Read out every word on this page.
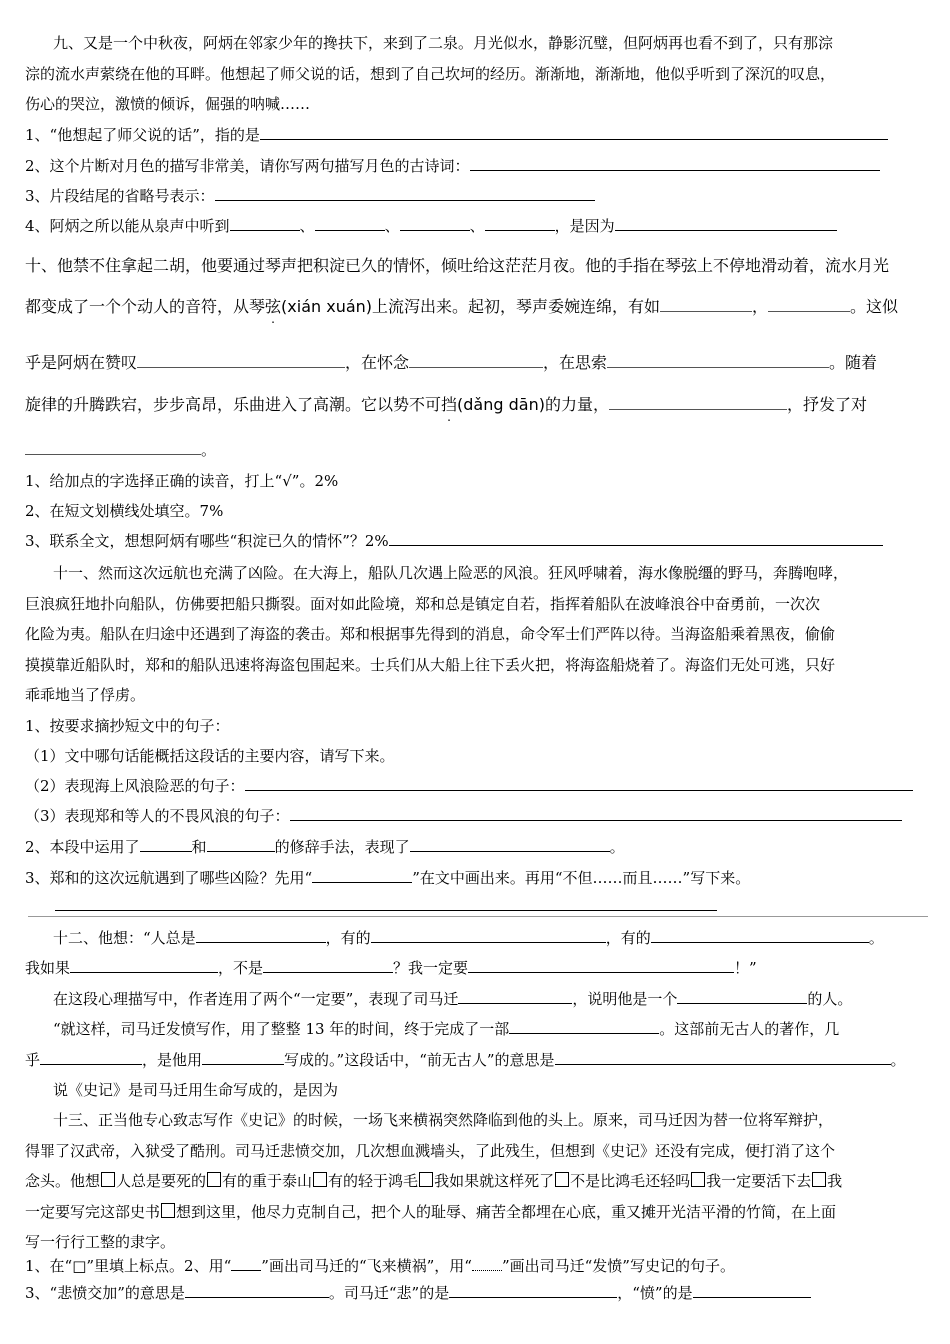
九、又是一个中秋夜，阿炳在邻家少年的搀扶下，来到了二泉。月光似水，静影沉璧，但阿炳再也看不到了，只有那淙
淙的流水声萦绕在他的耳畔。他想起了师父说的话，想到了自己坎坷的经历。渐渐地，渐渐地，他似乎听到了深沉的叹息，
伤心的哭泣，激愤的倾诉，倔强的呐喊……
1、“他想起了师父说的话”，指的是
2、这个片断对月色的描写非常美，请你写两句描写月色的古诗词：
3、片段结尾的省略号表示：
4、阿炳之所以能从泉声中听到	、	、	、	，是因为
十、他禁不住拿起二胡，他要通过琴声把积淀已久的情怀，倾吐给这茫茫月夜。他的手指在琴弦上不停地滑动着，流水月光
都变成了一个个动人的音符，从琴弦(xián xuán)上流泻出来。起初，琴声委婉连绵，有如	，	。这似
乎是阿炳在赞叹	，在怀念	，在思索	。随着
旋律的升腾跌宕，步步高昂，乐曲进入了高潮。它以势不可挡(dǎng dān)的力量，	，抒发了对
。
1、给加点的字选择正确的读音，打上“√”。2%
2、在短文划横线处填空。7%
3、联系全文，想想阿炳有哪些“积淀已久的情怀”？2%
十一、然而这次远航也充满了凶险。在大海上，船队几次遇上险恶的风浪。狂风呼啸着，海水像脱缰的野马，奔腾咆哮，
巨浪疯狂地扑向船队，仿佛要把船只撕裂。面对如此险境，郑和总是镇定自若，指挥着船队在波峰浪谷中奋勇前，一次次
化险为夷。船队在归途中还遇到了海盗的袭击。郑和根据事先得到的消息，命令军士们严阵以待。当海盗船乘着黑夜，偷偷
摸摸靠近船队时，郑和的船队迅速将海盗包围起来。士兵们从大船上往下丢火把，将海盗船烧着了。海盗们无处可逃，只好
乖乖地当了俘虏。
1、按要求摘抄短文中的句子：
（1）文中哪句话能概括这段话的主要内容，请写下来。
（2）表现海上风浪险恶的句子：
（3）表现郑和等人的不畏风浪的句子：
2、本段中运用了	和	的修辞手法，表现了	。
3、郑和的这次远航遇到了哪些凶险？先用“	”在文中画出来。再用“不但……而且……”写下来。
十二、他想：“人总是	，有的	，有的	。
我如果	，不是	？我一定要	！”
在这段心理描写中，作者连用了两个“一定要”，表现了司马迁	，说明他是一个	的人。
“就这样，司马迁发愤写作，用了整整 13 年的时间，终于完成了一部	。这部前无古人的著作，几
乎	，是他用	写成的。”这段话中，“前无古人”的意思是	。
说《史记》是司马迁用生命写成的，是因为
十三、正当他专心致志写作《史记》的时候，一场飞来横祸突然降临到他的头上。原来，司马迁因为替一位将军辩护，
得罪了汉武帝，入狱受了酷刑。司马迁悲愤交加，几次想血溅墙头，了此残生，但想到《史记》还没有完成，便打消了这个
念头。他想 人总是要死的 有的重于泰山 有的轻于鸿毛 我如果就这样死了 不是比鸿毛还轻吗 我一定要活下去 我
一定要写完这部史书 想到这里，他尽力克制自己，把个人的耻辱、痛苦全都埋在心底，重又摊开光洁平滑的竹简，在上面
写一行行工整的隶字。
1、在“□”里填上标点。2、用“ ”画出司马迁的“飞来横祸”，用“ ”画出司马迁“发愤”写史记的句子。
3、“悲愤交加”的意思是	。司马迁“悲”的是	，“愤”的是
